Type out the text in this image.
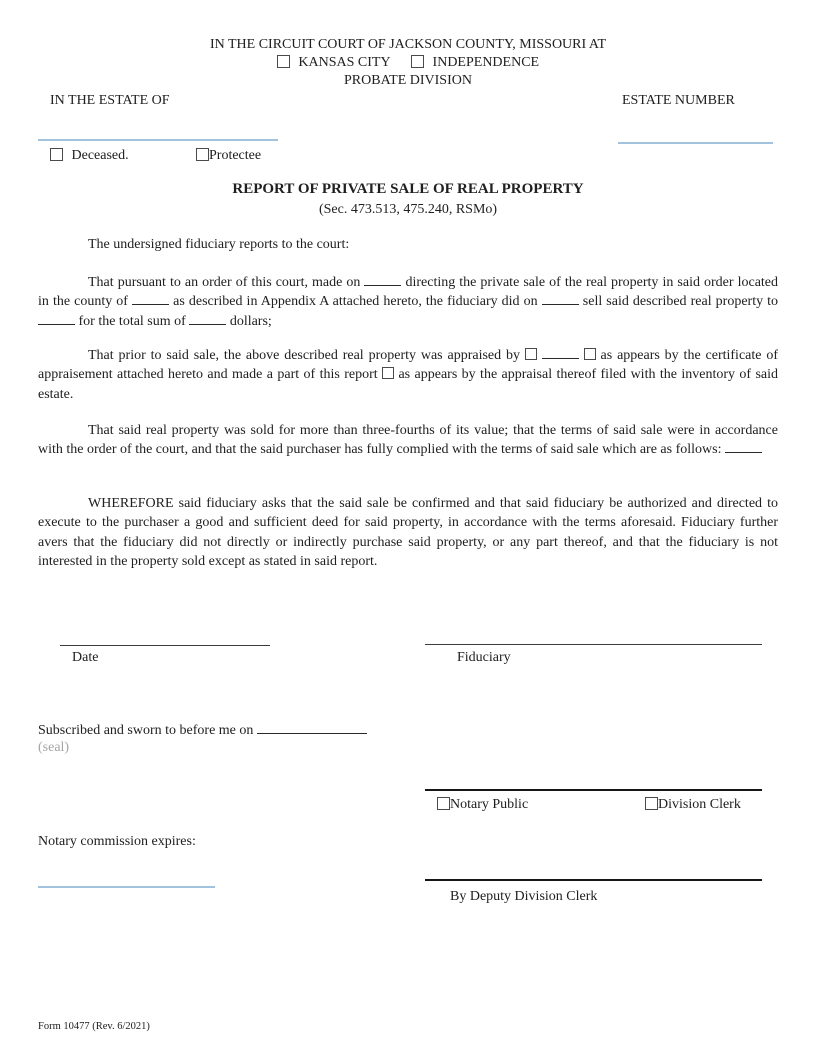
IN THE CIRCUIT COURT OF JACKSON COUNTY, MISSOURI AT
KANSAS CITY	INDEPENDENCE
PROBATE DIVISION
IN THE ESTATE OF	ESTATE NUMBER
Deceased.	Protectee
REPORT OF PRIVATE SALE OF REAL PROPERTY
(Sec. 473.513, 475.240, RSMo)
The undersigned fiduciary reports to the court:
That pursuant to an order of this court, made on	directing the private sale of the real property in said order located in the county of	as described in Appendix A attached hereto, the fiduciary did on	sell said described real property to  for the total sum of	dollars;
That prior to said sale, the above described real property was appraised by	as appears by the certificate of appraisement attached hereto and made a part of this report as appears by the appraisal thereof filed with the inventory of said estate.
That said real property was sold for more than three-fourths of its value; that the terms of said sale were in accordance with the order of the court, and that the said purchaser has fully complied with the terms of said sale which are as follows:
WHEREFORE said fiduciary asks that the said sale be confirmed and that said fiduciary be authorized and directed to execute to the purchaser a good and sufficient deed for said property, in accordance with the terms aforesaid. Fiduciary further avers that the fiduciary did not directly or indirectly purchase said property, or any part thereof, and that the fiduciary is not interested in the property sold except as stated in said report.
Date	Fiduciary
Subscribed and sworn to before me on
(seal)
Notary Public	Division Clerk
Notary commission expires:
By Deputy Division Clerk
Form 10477 (Rev. 6/2021)
